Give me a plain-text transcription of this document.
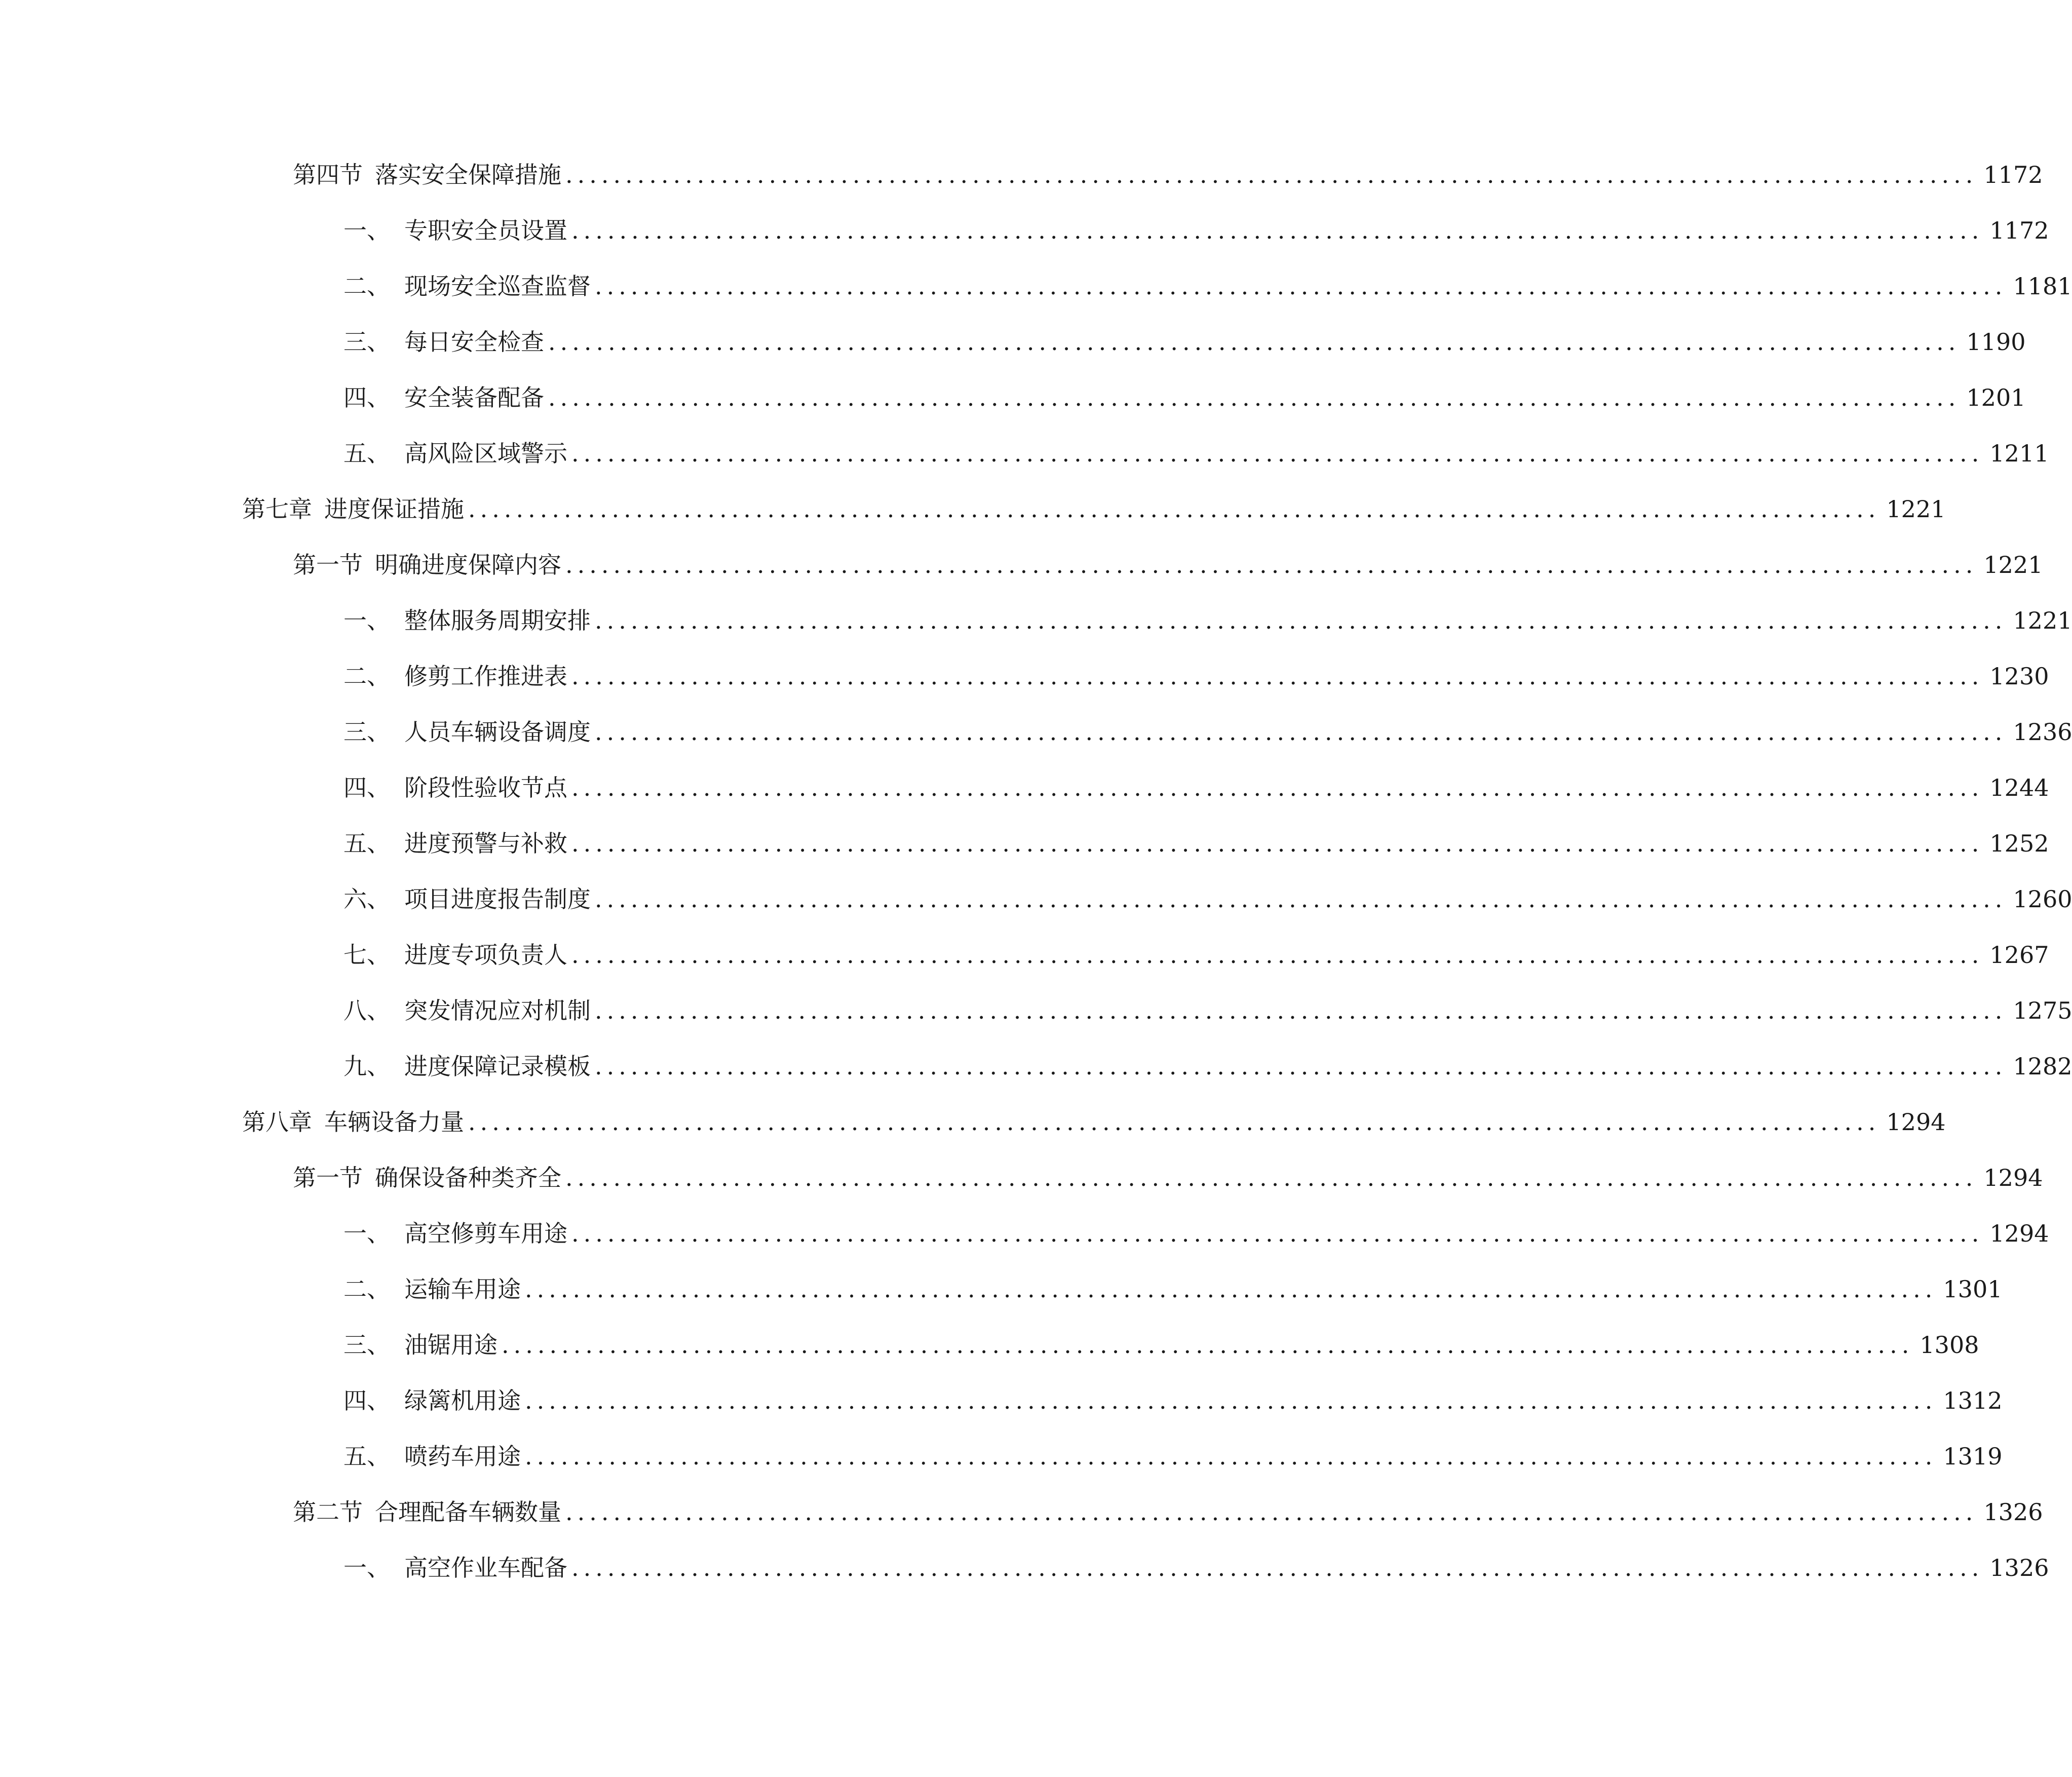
第四节 落实安全保障措施 ...................................................................................................................... 1172
一、 专职安全员设置 ...................................................................................................................... 1172
二、 现场安全巡查监督 ...................................................................................................................... 1181
三、 每日安全检查 ...................................................................................................................... 1190
四、 安全装备配备 ...................................................................................................................... 1201
五、 高风险区域警示 ...................................................................................................................... 1211
第七章 进度保证措施 ...................................................................................................................... 1221
第一节 明确进度保障内容 ...................................................................................................................... 1221
一、 整体服务周期安排 ...................................................................................................................... 1221
二、 修剪工作推进表 ...................................................................................................................... 1230
三、 人员车辆设备调度 ...................................................................................................................... 1236
四、 阶段性验收节点 ...................................................................................................................... 1244
五、 进度预警与补救 ...................................................................................................................... 1252
六、 项目进度报告制度 ...................................................................................................................... 1260
七、 进度专项负责人 ...................................................................................................................... 1267
八、 突发情况应对机制 ...................................................................................................................... 1275
九、 进度保障记录模板 ...................................................................................................................... 1282
第八章 车辆设备力量 ...................................................................................................................... 1294
第一节 确保设备种类齐全 ...................................................................................................................... 1294
一、 高空修剪车用途 ...................................................................................................................... 1294
二、 运输车用途 ...................................................................................................................... 1301
三、 油锯用途 ...................................................................................................................... 1308
四、 绿篱机用途 ...................................................................................................................... 1312
五、 喷药车用途 ...................................................................................................................... 1319
第二节 合理配备车辆数量 ...................................................................................................................... 1326
一、 高空作业车配备 ...................................................................................................................... 1326
